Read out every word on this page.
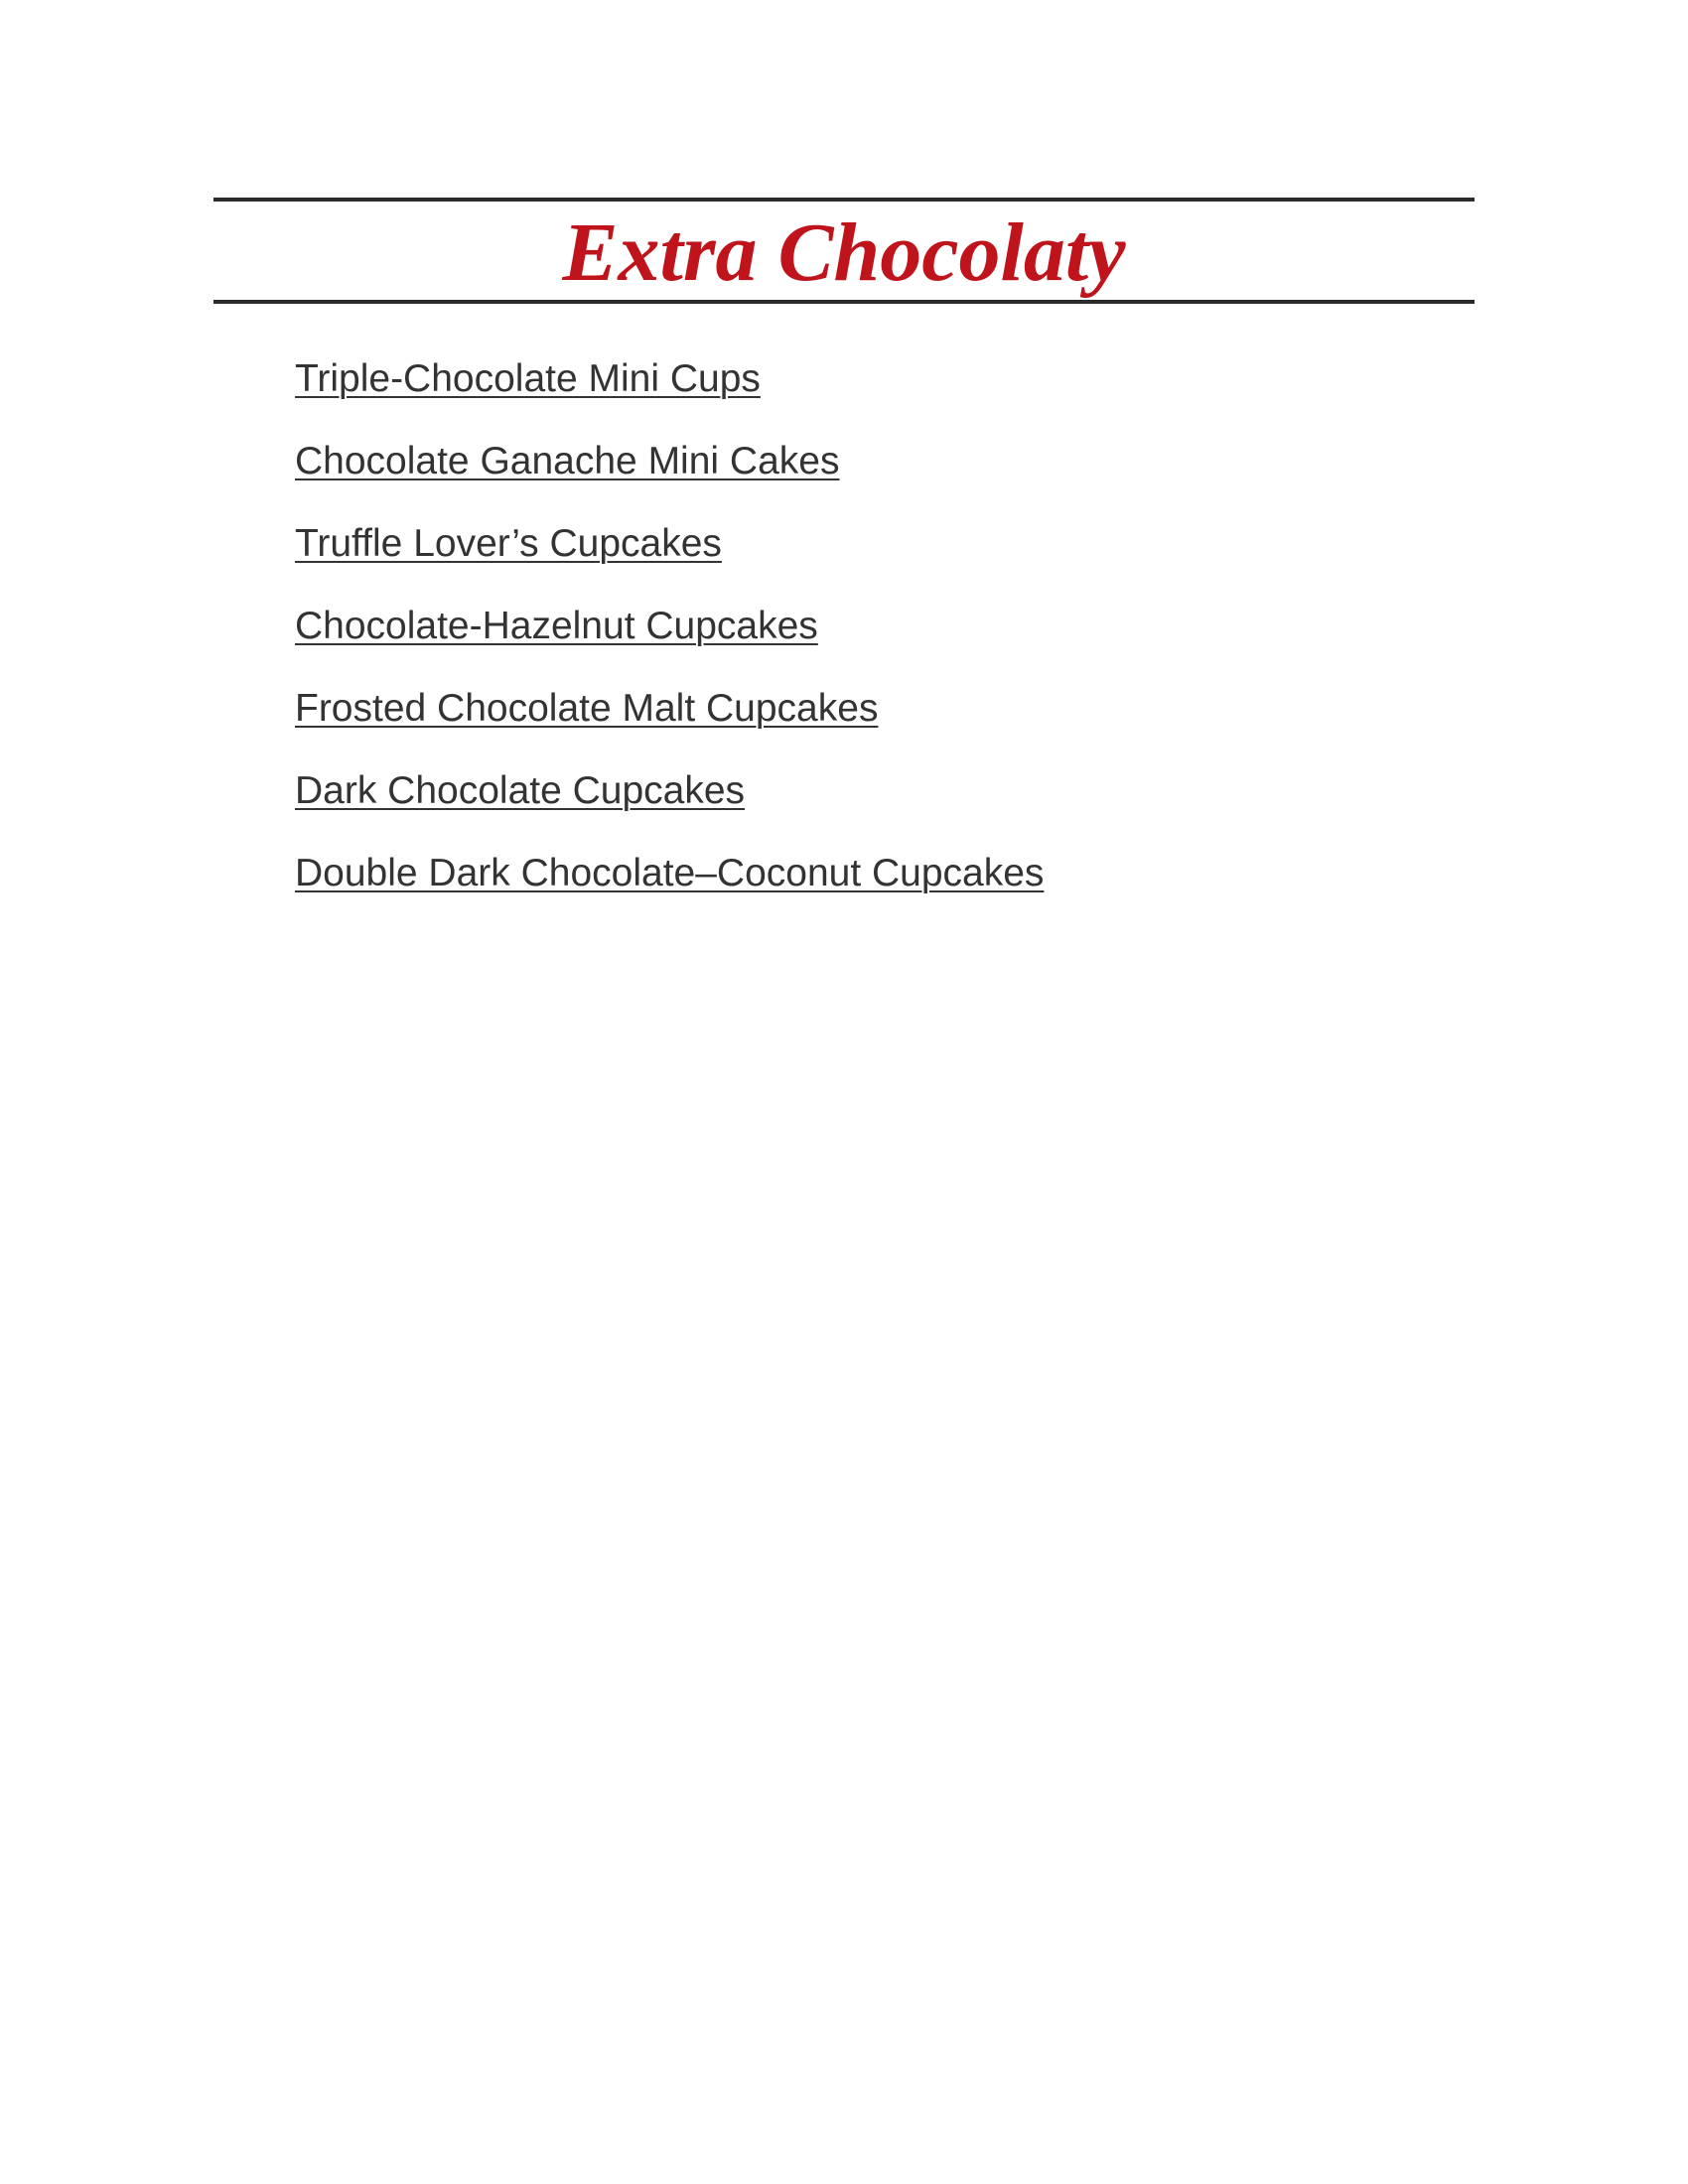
Extra Chocolaty
Triple-Chocolate Mini Cups
Chocolate Ganache Mini Cakes
Truffle Lover’s Cupcakes
Chocolate-Hazelnut Cupcakes
Frosted Chocolate Malt Cupcakes
Dark Chocolate Cupcakes
Double Dark Chocolate–Coconut Cupcakes
